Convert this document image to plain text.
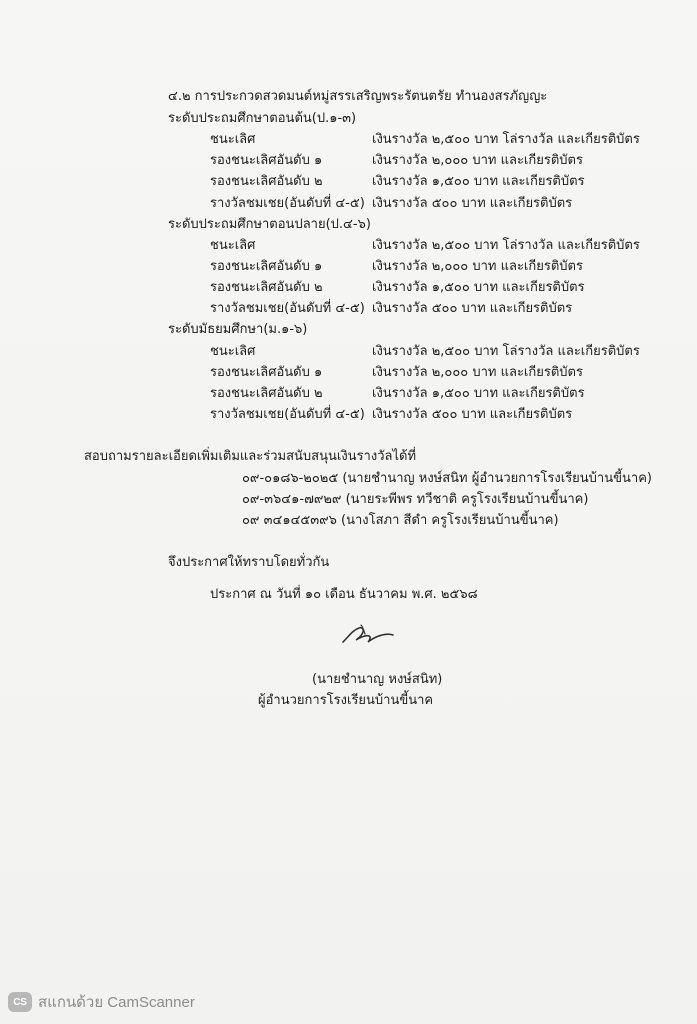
๔.๒ การประกวดสวดมนต์หมู่สรรเสริญพระรัตนตรัย ทำนองสรภัญญะ
ระดับประถมศึกษาตอนต้น(ป.๑-๓)
ชนะเลิศ	เงินรางวัล ๒,๕๐๐ บาท โล่รางวัล และเกียรติบัตร
รองชนะเลิศอันดับ ๑	เงินรางวัล ๒,๐๐๐ บาท และเกียรติบัตร
รองชนะเลิศอันดับ ๒	เงินรางวัล ๑,๕๐๐ บาท และเกียรติบัตร
รางวัลชมเชย(อันดับที่ ๔-๕) เงินรางวัล ๕๐๐ บาท และเกียรติบัตร
ระดับประถมศึกษาตอนปลาย(ป.๔-๖)
ชนะเลิศ	เงินรางวัล ๒,๕๐๐ บาท โล่รางวัล และเกียรติบัตร
รองชนะเลิศอันดับ ๑	เงินรางวัล ๒,๐๐๐ บาท และเกียรติบัตร
รองชนะเลิศอันดับ ๒	เงินรางวัล ๑,๕๐๐ บาท และเกียรติบัตร
รางวัลชมเชย(อันดับที่ ๔-๕) เงินรางวัล ๕๐๐ บาท และเกียรติบัตร
ระดับมัธยมศึกษา(ม.๑-๖)
ชนะเลิศ	เงินรางวัล ๒,๕๐๐ บาท โล่รางวัล และเกียรติบัตร
รองชนะเลิศอันดับ ๑	เงินรางวัล ๒,๐๐๐ บาท และเกียรติบัตร
รองชนะเลิศอันดับ ๒	เงินรางวัล ๑,๕๐๐ บาท และเกียรติบัตร
รางวัลชมเชย(อันดับที่ ๔-๕) เงินรางวัล ๕๐๐ บาท และเกียรติบัตร
สอบถามรายละเอียดเพิ่มเติมและร่วมสนับสนุนเงินรางวัลได้ที่
๐๙-๐๑๘๖-๒๐๒๕ (นายชำนาญ หงษ์สนิท ผู้อำนวยการโรงเรียนบ้านขี้นาค)
๐๙-๓๖๔๑-๗๙๒๙ (นายระพีพร ทวีชาติ ครูโรงเรียนบ้านขี้นาค)
๐๙ ๓๔๑๔๕๓๙๖ (นางโสภา สีดำ ครูโรงเรียนบ้านขี้นาค)
จึงประกาศให้ทราบโดยทั่วกัน
ประกาศ ณ วันที่ ๑๐ เดือน ธันวาคม พ.ศ. ๒๕๖๘
(นายชำนาญ หงษ์สนิท)
ผู้อำนวยการโรงเรียนบ้านขี้นาค
CS สแกนด้วย CamScanner
